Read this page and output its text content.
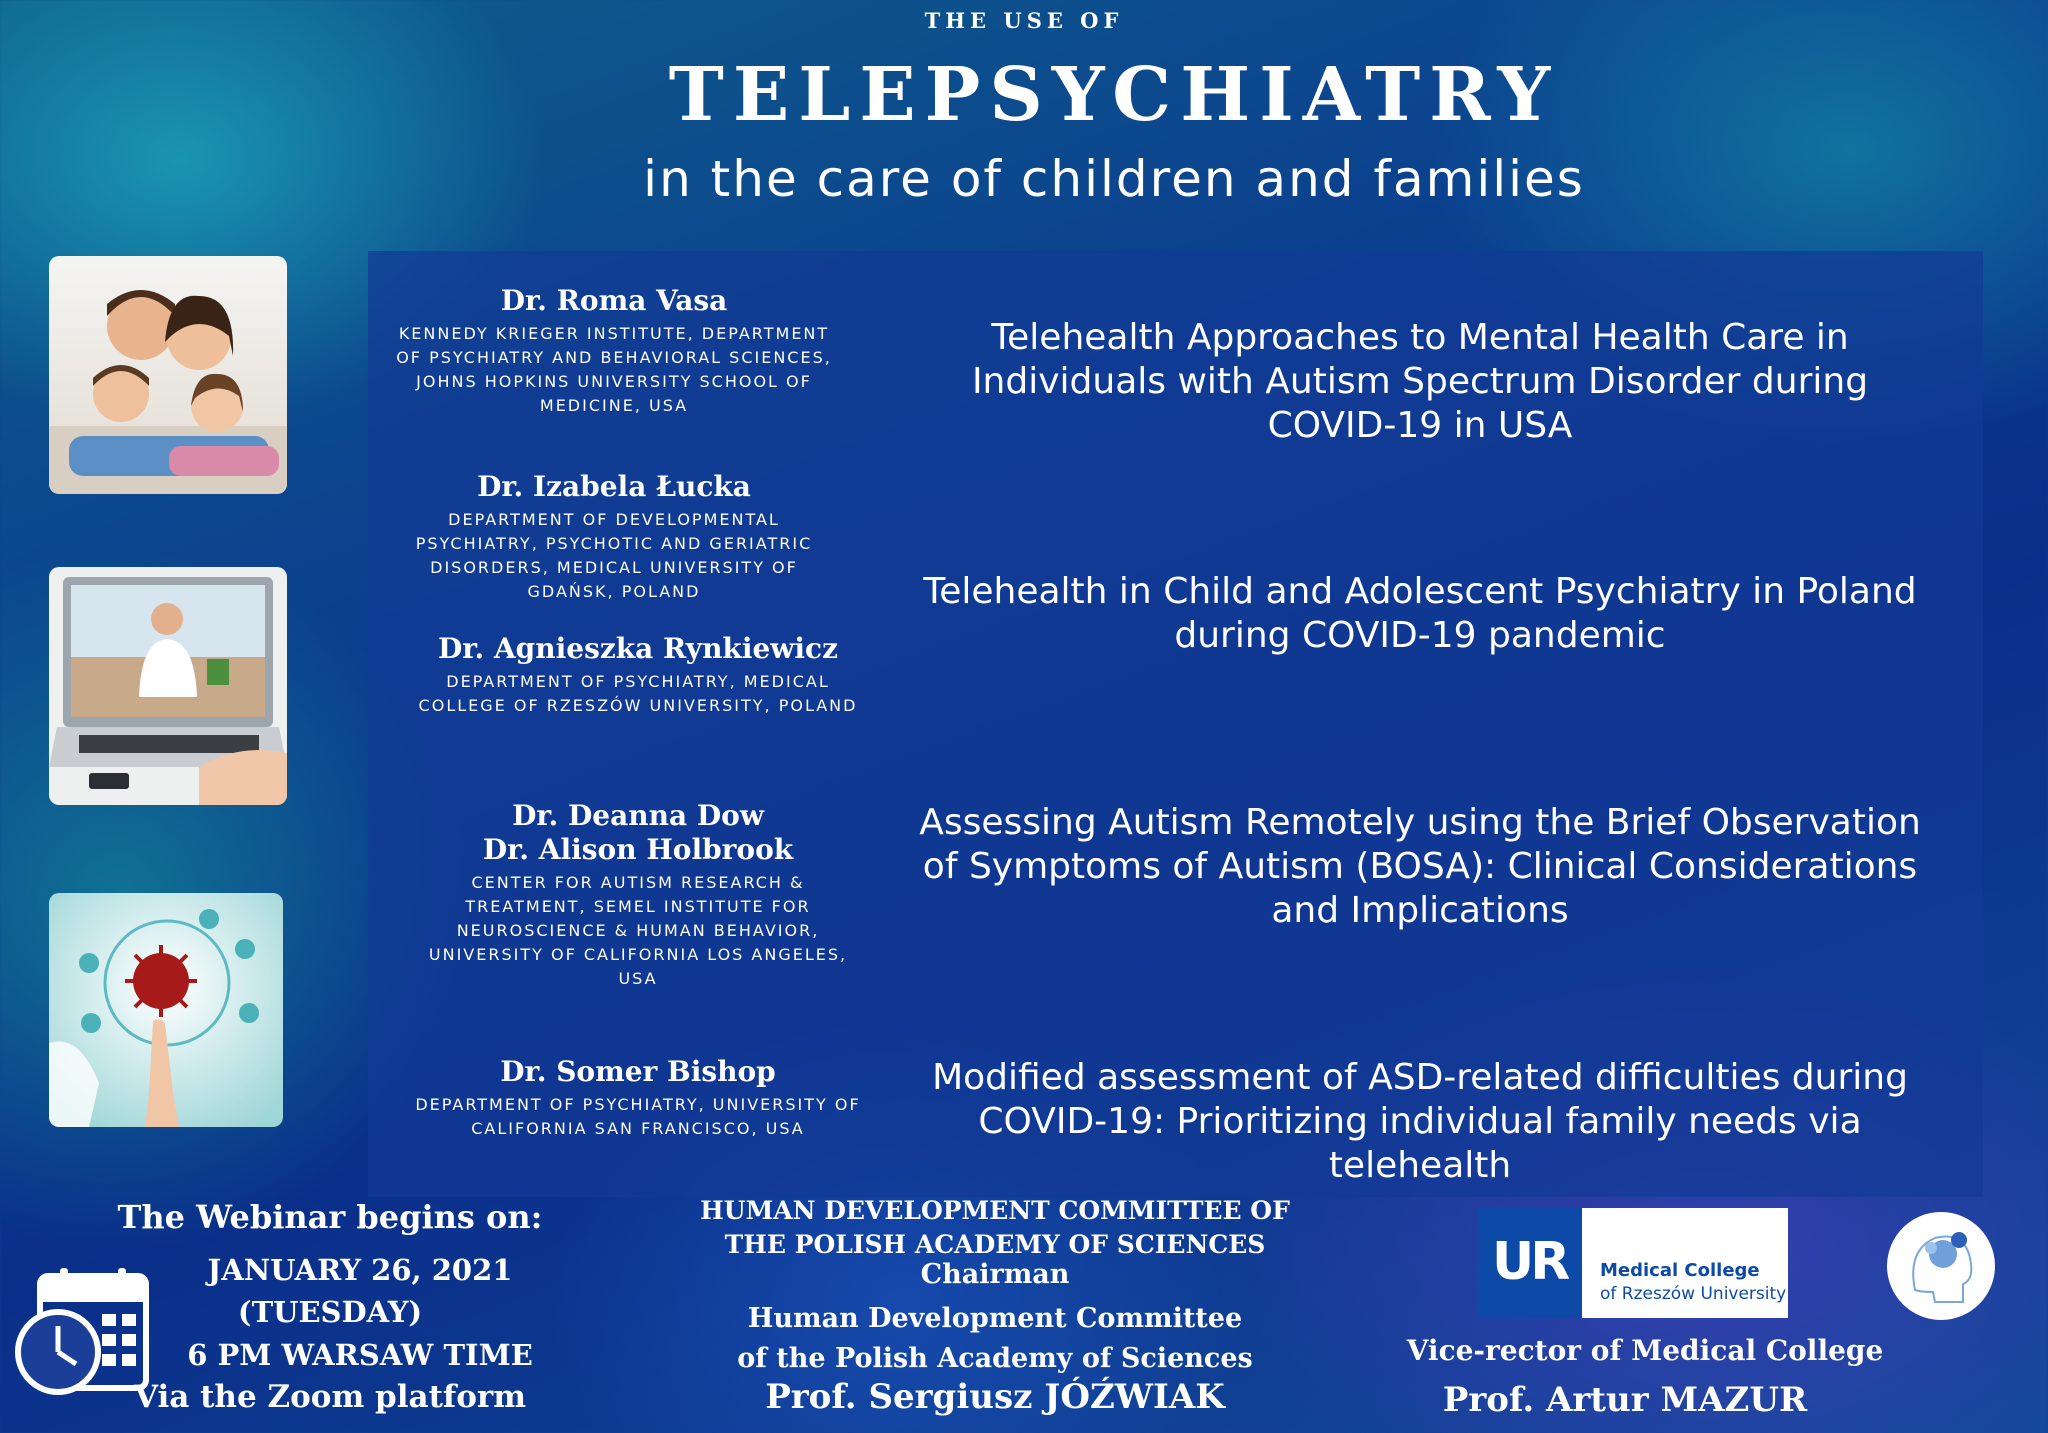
THE USE OF
TELEPSYCHIATRY
in the care of children and families
Dr. Roma Vasa
KENNEDY KRIEGER INSTITUTE, DEPARTMENT OF PSYCHIATRY AND BEHAVIORAL SCIENCES, JOHNS HOPKINS UNIVERSITY SCHOOL OF MEDICINE, USA
Dr. Izabela Łucka
DEPARTMENT OF DEVELOPMENTAL PSYCHIATRY, PSYCHOTIC AND GERIATRIC DISORDERS, MEDICAL UNIVERSITY OF GDAŃSK, POLAND
Dr. Agnieszka Rynkiewicz
DEPARTMENT OF PSYCHIATRY, MEDICAL COLLEGE OF RZESZÓW UNIVERSITY, POLAND
Dr. Deanna Dow
Dr. Alison Holbrook
CENTER FOR AUTISM RESEARCH & TREATMENT, SEMEL INSTITUTE FOR NEUROSCIENCE & HUMAN BEHAVIOR, UNIVERSITY OF CALIFORNIA LOS ANGELES, USA
Dr. Somer Bishop
DEPARTMENT OF PSYCHIATRY, UNIVERSITY OF CALIFORNIA SAN FRANCISCO, USA
Telehealth Approaches to Mental Health Care in Individuals with Autism Spectrum Disorder during COVID-19 in USA
Telehealth in Child and Adolescent Psychiatry in Poland during COVID-19 pandemic
Assessing Autism Remotely using the Brief Observation of Symptoms of Autism (BOSA): Clinical Considerations and Implications
Modified assessment of ASD-related difficulties during COVID-19: Prioritizing individual family needs via telehealth
The Webinar begins on:
JANUARY 26, 2021
(TUESDAY)
6 PM WARSAW TIME
Via the Zoom platform
HUMAN DEVELOPMENT COMMITTEE OF THE POLISH ACADEMY OF SCIENCES
Chairman
Human Development Committee of the Polish Academy of Sciences
Prof. Sergiusz JÓŹWIAK
UR Medical College
of Rzeszów University
Vice-rector of Medical College
Prof. Artur MAZUR
